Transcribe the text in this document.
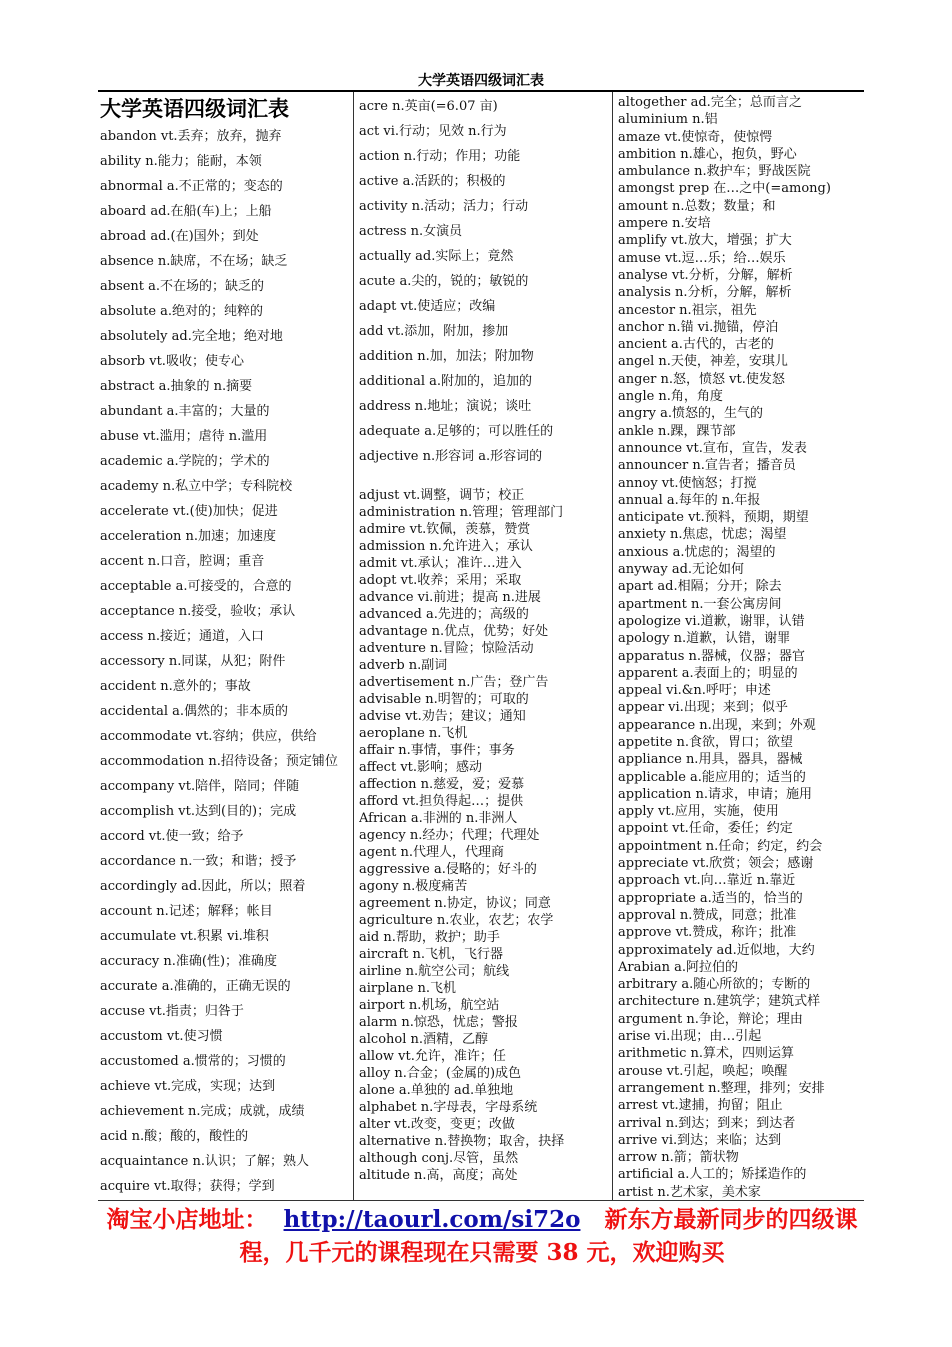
大学英语四级词汇表
大学英语四级词汇表
abandon vt.丢弃；放弃，抛弃
ability n.能力；能耐，本领
abnormal a.不正常的；变态的
aboard ad.在船(车)上；上船
abroad ad.(在)国外；到处
absence n.缺席，不在场；缺乏
absent a.不在场的；缺乏的
absolute a.绝对的；纯粹的
absolutely ad.完全地；绝对地
absorb vt.吸收；使专心
abstract a.抽象的 n.摘要
abundant a.丰富的；大量的
abuse vt.滥用；虐待 n.滥用
academic a.学院的；学术的
academy n.私立中学；专科院校
accelerate vt.(使)加快；促进
acceleration n.加速；加速度
accent n.口音，腔调；重音
acceptable a.可接受的，合意的
acceptance n.接受，验收；承认
access n.接近；通道，入口
accessory n.同谋，从犯；附件
accident n.意外的；事故
accidental a.偶然的；非本质的
accommodate vt.容纳；供应，供给
accommodation n.招待设备；预定铺位
accompany vt.陪伴，陪同；伴随
accomplish vt.达到(目的)；完成
accord vt.使一致；给予
accordance n.一致；和谐；授予
accordingly ad.因此，所以；照着
account n.记述；解释；帐目
accumulate vt.积累 vi.堆积
accuracy n.准确(性)；准确度
accurate a.准确的，正确无误的
accuse vt.指责；归咎于
accustom vt.使习惯
accustomed a.惯常的；习惯的
achieve vt.完成，实现；达到
achievement n.完成；成就，成绩
acid n.酸；酸的，酸性的
acquaintance n.认识；了解；熟人
acquire vt.取得；获得；学到
acre n.英亩(=6.07 亩)
act vi.行动；见效 n.行为
action n.行动；作用；功能
active a.活跃的；积极的
activity n.活动；活力；行动
actress n.女演员
actually ad.实际上；竟然
acute a.尖的，锐的；敏锐的
adapt vt.使适应；改编
add vt.添加，附加，掺加
addition n.加，加法；附加物
additional a.附加的，追加的
address n.地址；演说；谈吐
adequate a.足够的；可以胜任的
adjective n.形容词 a.形容词的
adjust vt.调整，调节；校正
administration n.管理；管理部门
admire vt.钦佩，羡慕，赞赏
admission n.允许进入；承认
admit vt.承认；准许…进入
adopt vt.收养；采用；采取
advance vi.前进；提高 n.进展
advanced a.先进的；高级的
advantage n.优点，优势；好处
adventure n.冒险；惊险活动
adverb n.副词
advertisement n.广告；登广告
advisable n.明智的；可取的
advise vt.劝告；建议；通知
aeroplane n.飞机
affair n.事情，事件；事务
affect vt.影响；感动
affection n.慈爱，爱；爱慕
afford vt.担负得起…；提供
African a.非洲的 n.非洲人
agency n.经办；代理；代理处
agent n.代理人，代理商
aggressive a.侵略的；好斗的
agony n.极度痛苦
agreement n.协定，协议；同意
agriculture n.农业，农艺；农学
aid n.帮助，救护；助手
aircraft n.飞机，飞行器
airline n.航空公司；航线
airplane n.飞机
airport n.机场，航空站
alarm n.惊恐，忧虑；警报
alcohol n.酒精，乙醇
allow vt.允许，准许；任
alloy n.合金；(金属的)成色
alone a.单独的 ad.单独地
alphabet n.字母表，字母系统
alter vt.改变，变更；改做
alternative n.替换物；取舍，抉择
although conj.尽管，虽然
altitude n.高，高度；高处
altogether ad.完全；总而言之
aluminium n.铝
amaze vt.使惊奇，使惊愕
ambition n.雄心，抱负，野心
ambulance n.救护车；野战医院
amongst prep 在…之中(=among)
amount n.总数；数量；和
ampere n.安培
amplify vt.放大，增强；扩大
amuse vt.逗…乐；给…娱乐
analyse vt.分析，分解，解析
analysis n.分析，分解，解析
ancestor n.祖宗，祖先
anchor n.锚 vi.抛锚，停泊
ancient a.古代的，古老的
angel n.天使，神差，安琪儿
anger n.怒，愤怒 vt.使发怒
angle n.角，角度
angry a.愤怒的，生气的
ankle n.踝，踝节部
announce vt.宣布，宣告，发表
announcer n.宣告者；播音员
annoy vt.使恼怒；打搅
annual a.每年的 n.年报
anticipate vt.预料，预期，期望
anxiety n.焦虑，忧虑；渴望
anxious a.忧虑的；渴望的
anyway ad.无论如何
apart ad.相隔；分开；除去
apartment n.一套公寓房间
apologize vi.道歉，谢罪，认错
apology n.道歉，认错，谢罪
apparatus n.器械，仪器；器官
apparent a.表面上的；明显的
appeal vi.&n.呼吁；申述
appear vi.出现；来到；似乎
appearance n.出现，来到；外观
appetite n.食欲，胃口；欲望
appliance n.用具，器具，器械
applicable a.能应用的；适当的
application n.请求，申请；施用
apply vt.应用，实施，使用
appoint vt.任命，委任；约定
appointment n.任命；约定，约会
appreciate vt.欣赏；领会；感谢
approach vt.向…靠近 n.靠近
appropriate a.适当的，恰当的
approval n.赞成，同意；批准
approve vt.赞成，称许；批准
approximately ad.近似地，大约
Arabian a.阿拉伯的
arbitrary a.随心所欲的；专断的
architecture n.建筑学；建筑式样
argument n.争论，辩论；理由
arise vi.出现；由…引起
arithmetic n.算术，四则运算
arouse vt.引起，唤起；唤醒
arrangement n.整理，排列；安排
arrest vt.逮捕，拘留；阻止
arrival n.到达；到来；到达者
arrive vi.到达；来临；达到
arrow n.箭；箭状物
artificial a.人工的；矫揉造作的
artist n.艺术家，美术家
淘宝小店地址： http://taourl.com/si72o 新东方最新同步的四级课
程，几千元的课程现在只需要 38 元，欢迎购买
